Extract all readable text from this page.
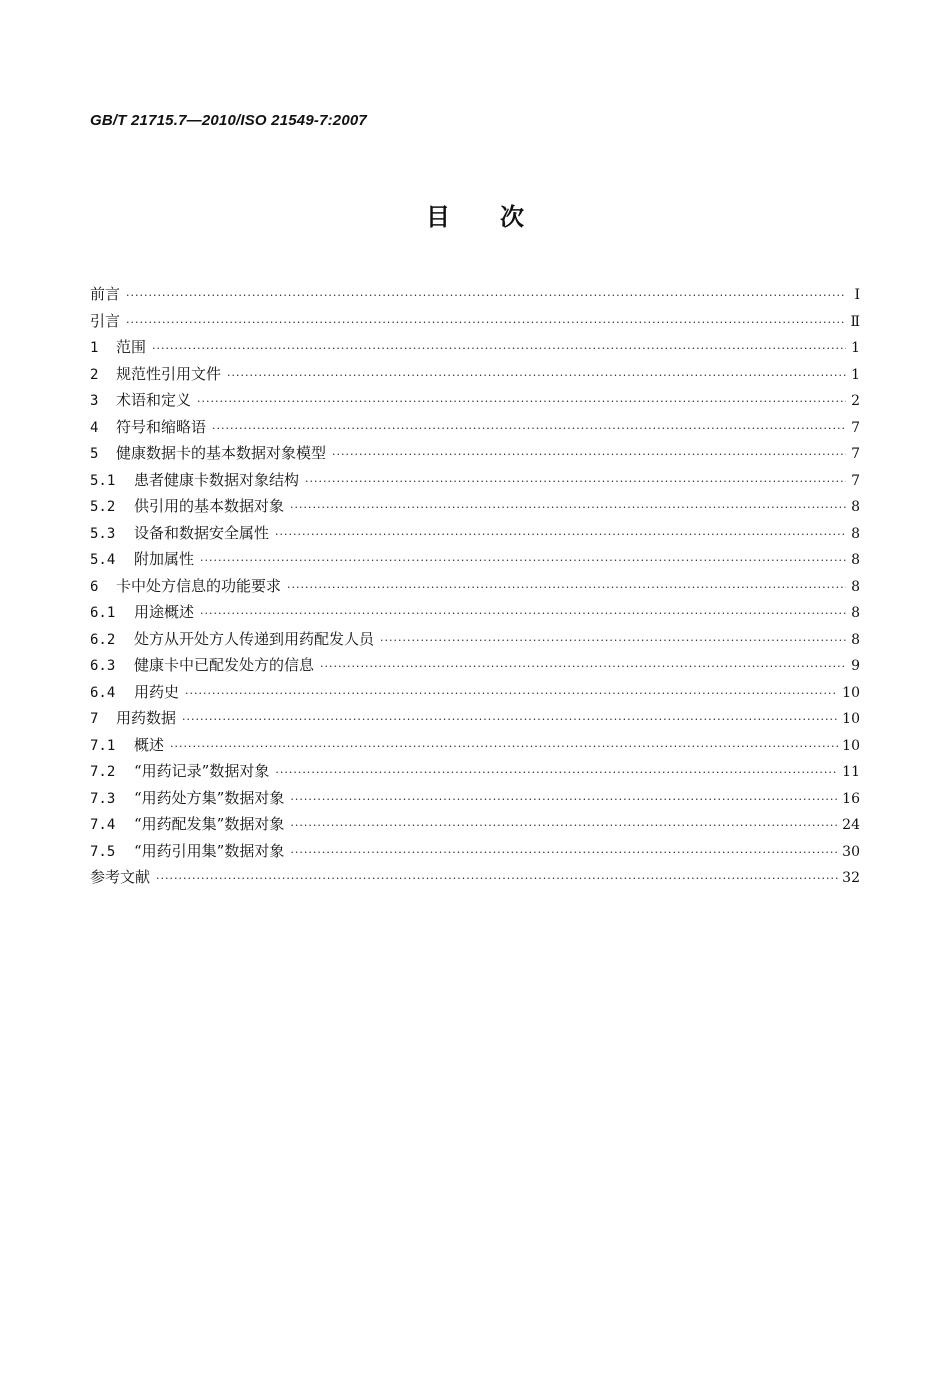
GB/T 21715.7—2010/ISO 21549-7:2007
目次
前言 ·····	Ⅰ
引言 ·····	Ⅱ
1	范围 ·····	1
2	规范性引用文件 ·····	1
3	术语和定义 ·····	2
4	符号和缩略语 ·····	7
5	健康数据卡的基本数据对象模型 ·····	7
5.1	患者健康卡数据对象结构 ·····	7
5.2	供引用的基本数据对象 ·····	8
5.3	设备和数据安全属性 ·····	8
5.4	附加属性 ·····	8
6	卡中处方信息的功能要求 ·····	8
6.1	用途概述 ·····	8
6.2	处方从开处方人传递到用药配发人员 ·····	8
6.3	健康卡中已配发处方的信息 ·····	9
6.4	用药史 ·····	10
7	用药数据 ·····	10
7.1	概述 ·····	10
7.2	“用药记录”数据对象 ·····	11
7.3	“用药处方集”数据对象 ·····	16
7.4	“用药配发集”数据对象 ·····	24
7.5	“用药引用集”数据对象 ·····	30
参考文献 ·····	32
